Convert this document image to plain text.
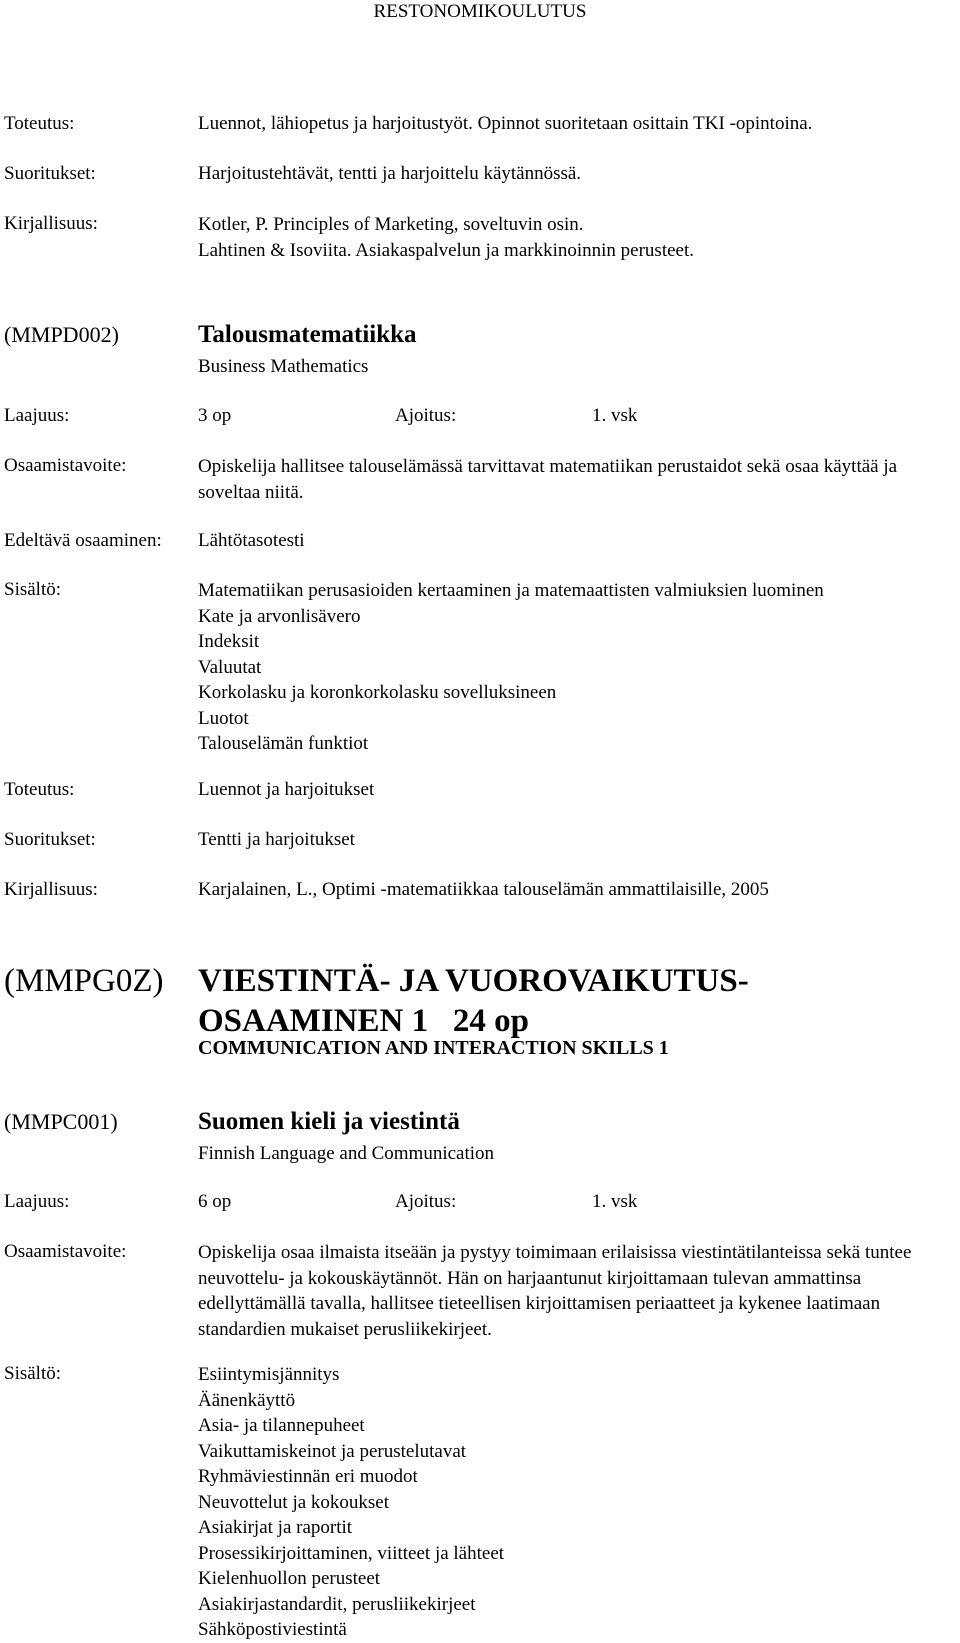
RESTONOMIKOULUTUS
Toteutus:	Luennot, lähiopetus ja harjoitustyöt. Opinnot suoritetaan osittain TKI -opintoina.
Suoritukset:	Harjoitustehtävät, tentti ja harjoittelu käytännössä.
Kirjallisuus:	Kotler, P. Principles of Marketing, soveltuvin osin.
Lahtinen & Isoviita. Asiakaspalvelun ja markkinoinnin perusteet.
(MMPD002)	Talousmatematiikka
Business Mathematics
Laajuus:	3 op	Ajoitus:	1. vsk
Osaamistavoite:	Opiskelija hallitsee talouselämässä tarvittavat matematiikan perustaidot sekä osaa käyttää ja soveltaa niitä.
Edeltävä osaaminen: Lähtötasotesti
Sisältö:	Matematiikan perusasioiden kertaaminen ja matemaattisten valmiuksien luominen
Kate ja arvonlisävero
Indeksit
Valuutat
Korkolasku ja koronkorkolasku sovelluksineen
Luotot
Talouselämän funktiot
Toteutus:	Luennot ja harjoitukset
Suoritukset:	Tentti ja harjoitukset
Kirjallisuus:	Karjalainen, L., Optimi -matematiikkaa talouselämän ammattilaisille, 2005
(MMPG0Z) VIESTINTÄ- JA VUOROVAIKUTUS-
OSAAMINEN 1   24 op
COMMUNICATION AND INTERACTION SKILLS 1
(MMPC001)	Suomen kieli ja viestintä
Finnish Language and Communication
Laajuus:	6 op	Ajoitus:	1. vsk
Osaamistavoite:	Opiskelija osaa ilmaista itseään ja pystyy toimimaan erilaisissa viestintätilanteissa sekä tuntee neuvottelu- ja kokouskäytännöt. Hän on harjaantunut kirjoittamaan tulevan ammattinsa edellyttämällä tavalla, hallitsee tieteellisen kirjoittamisen periaatteet ja kykenee laatimaan standardien mukaiset perusliikekirjeet.
Sisältö:	Esiintymisjännitys
Äänenkäyttö
Asia- ja tilannepuheet
Vaikuttamiskeinot ja perustelutavat
Ryhmäviestinnän eri muodot
Neuvottelut ja kokoukset
Asiakirjat ja raportit
Prosessikirjoittaminen, viitteet ja lähteet
Kielenhuollon perusteet
Asiakirjastandardit, perusliikekirjeet
Sähköpostiviestintä
